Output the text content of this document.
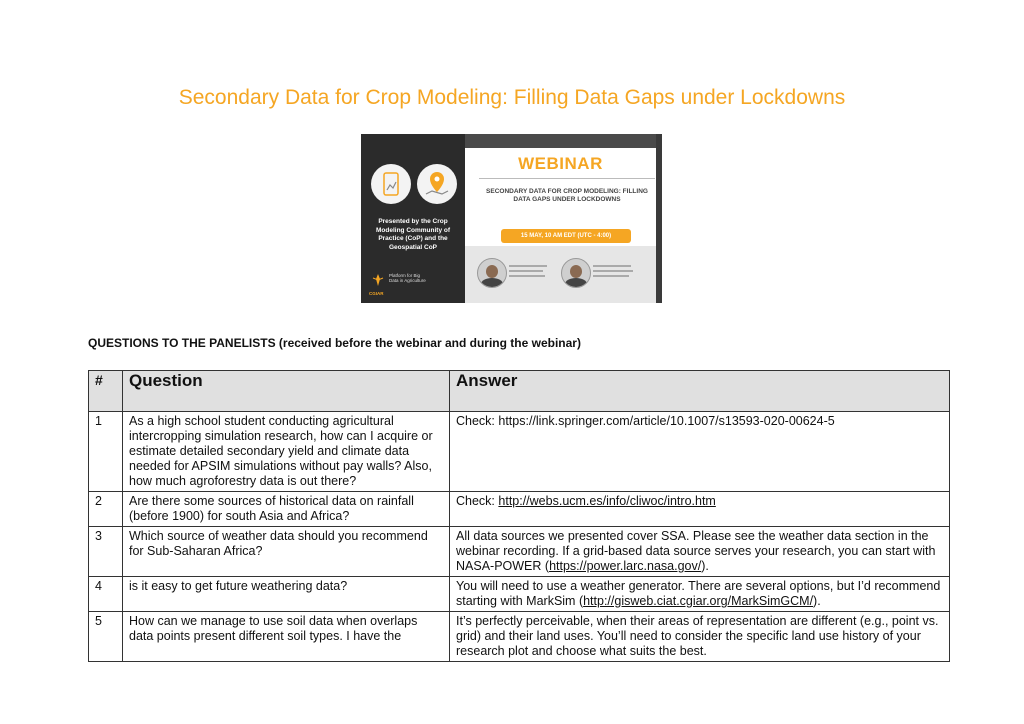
Secondary Data for Crop Modeling: Filling Data Gaps under Lockdowns
Presented by the Crop Modeling Community of Practice (CoP) and the Geospatial CoP
Platform for Big Data in Agriculture
CGIAR
WEBINAR
SECONDARY DATA FOR CROP MODELING: FILLING DATA GAPS UNDER LOCKDOWNS
15 MAY, 10 AM EDT (UTC - 4:00)
QUESTIONS TO THE PANELISTS (received before the webinar and during the webinar)
#	Question	Answer
1	As a high school student conducting agricultural intercropping simulation research, how can I acquire or estimate detailed secondary yield and climate data needed for APSIM simulations without pay walls? Also, how much agroforestry data is out there?	Check: https://link.springer.com/article/10.1007/s13593-020-00624-5
2	Are there some sources of historical data on rainfall (before 1900) for south Asia and Africa?	Check: http://webs.ucm.es/info/cliwoc/intro.htm
3	Which source of weather data should you recommend for Sub-Saharan Africa?	All data sources we presented cover SSA. Please see the weather data section in the webinar recording. If a grid-based data source serves your research, you can start with NASA-POWER (https://power.larc.nasa.gov/).
4	is it easy to get future weathering data?	You will need to use a weather generator. There are several options, but I’d recommend starting with MarkSim (http://gisweb.ciat.cgiar.org/MarkSimGCM/).
5	How can we manage to use soil data when overlaps data points present different soil types. I have the	It’s perfectly perceivable, when their areas of representation are different (e.g., point vs. grid) and their land uses. You’ll need to consider the specific land use history of your research plot and choose what suits the best.
